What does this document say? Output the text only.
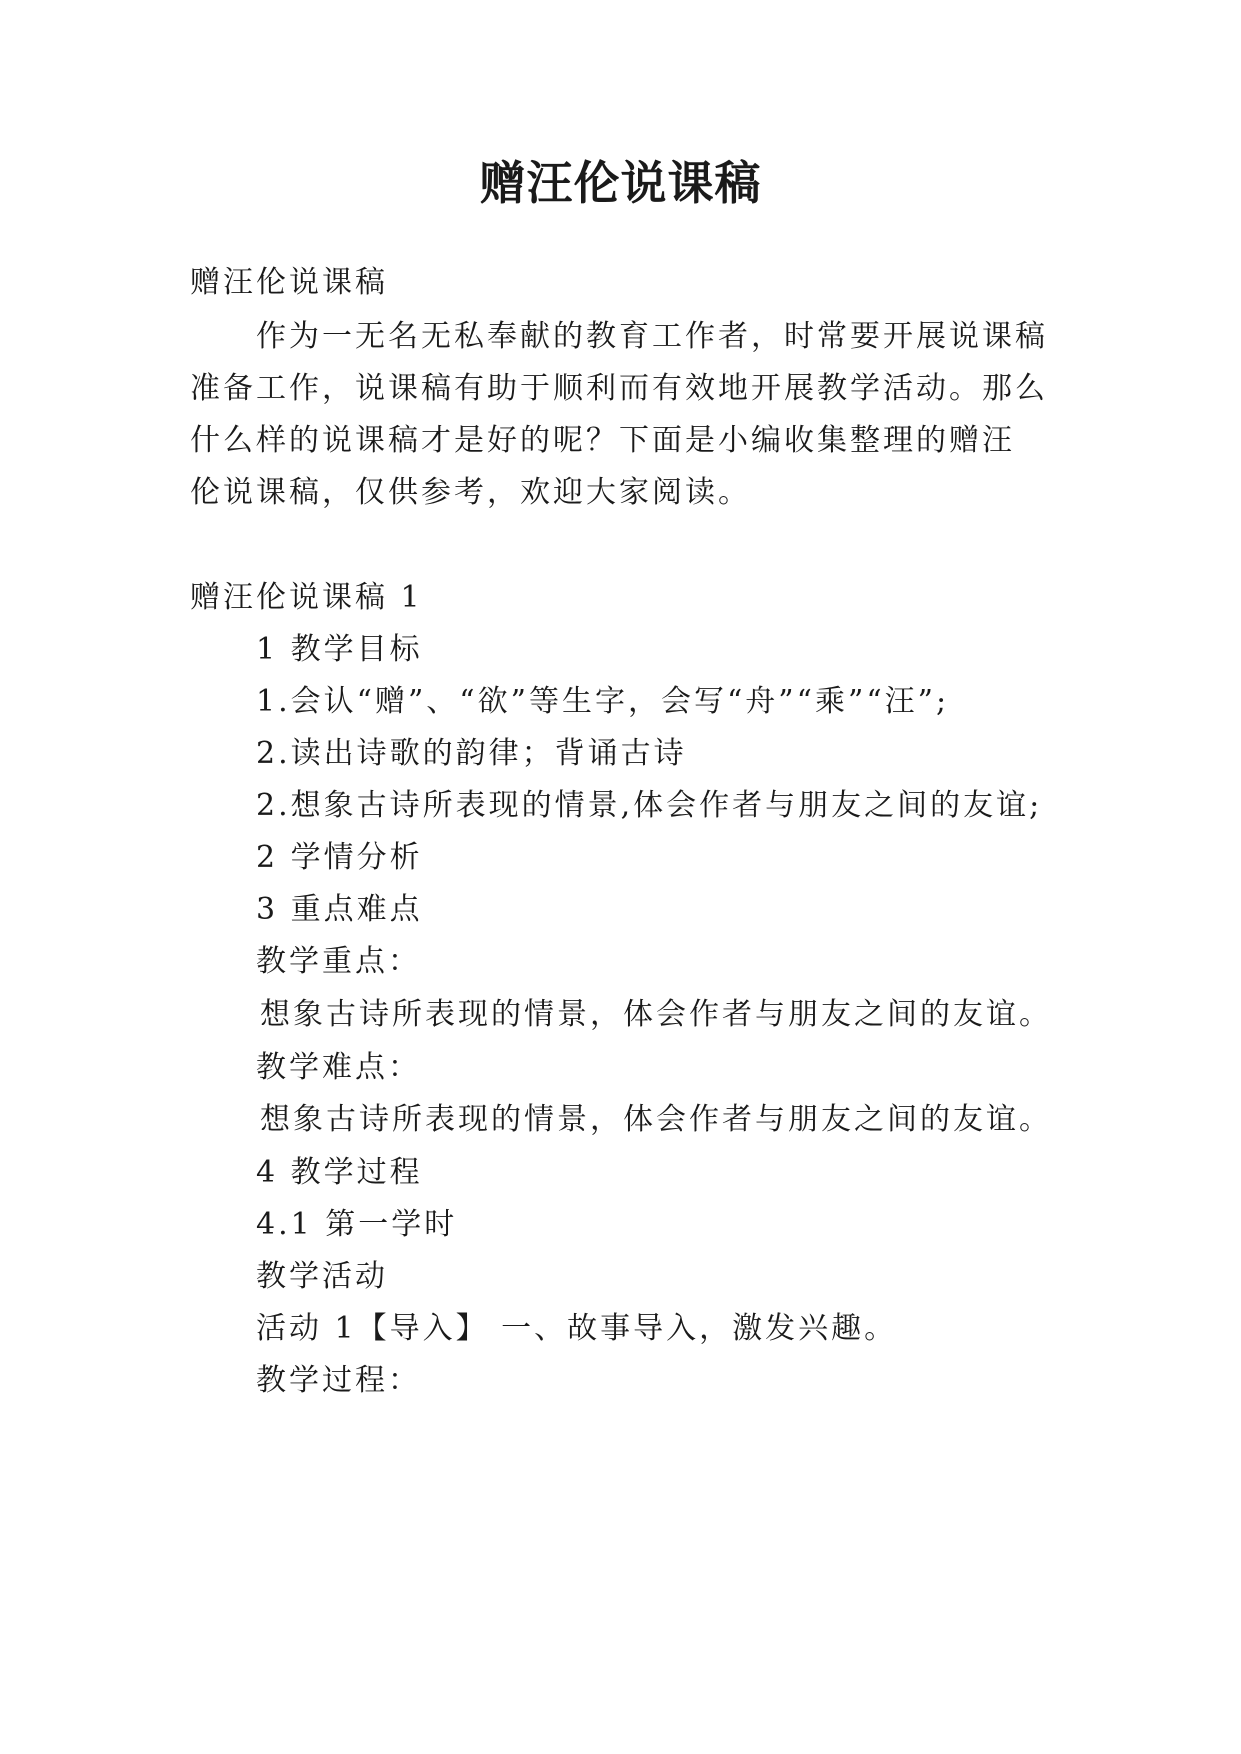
赠汪伦说课稿
赠汪伦说课稿
作为一无名无私奉献的教育工作者，时常要开展说课稿
准备工作，说课稿有助于顺利而有效地开展教学活动。那么
什么样的说课稿才是好的呢？下面是小编收集整理的赠汪
伦说课稿，仅供参考，欢迎大家阅读。
赠汪伦说课稿 1
1 教学目标
1.会认“赠”、“欲”等生字，会写“舟”“乘”“汪”;
2.读出诗歌的韵律；背诵古诗
2.想象古诗所表现的情景,体会作者与朋友之间的友谊;
2 学情分析
3 重点难点
教学重点：
想象古诗所表现的情景，体会作者与朋友之间的友谊。
教学难点：
想象古诗所表现的情景，体会作者与朋友之间的友谊。
4 教学过程
4.1 第一学时
教学活动
活动 1【导入】 一、故事导入，激发兴趣。
教学过程：
